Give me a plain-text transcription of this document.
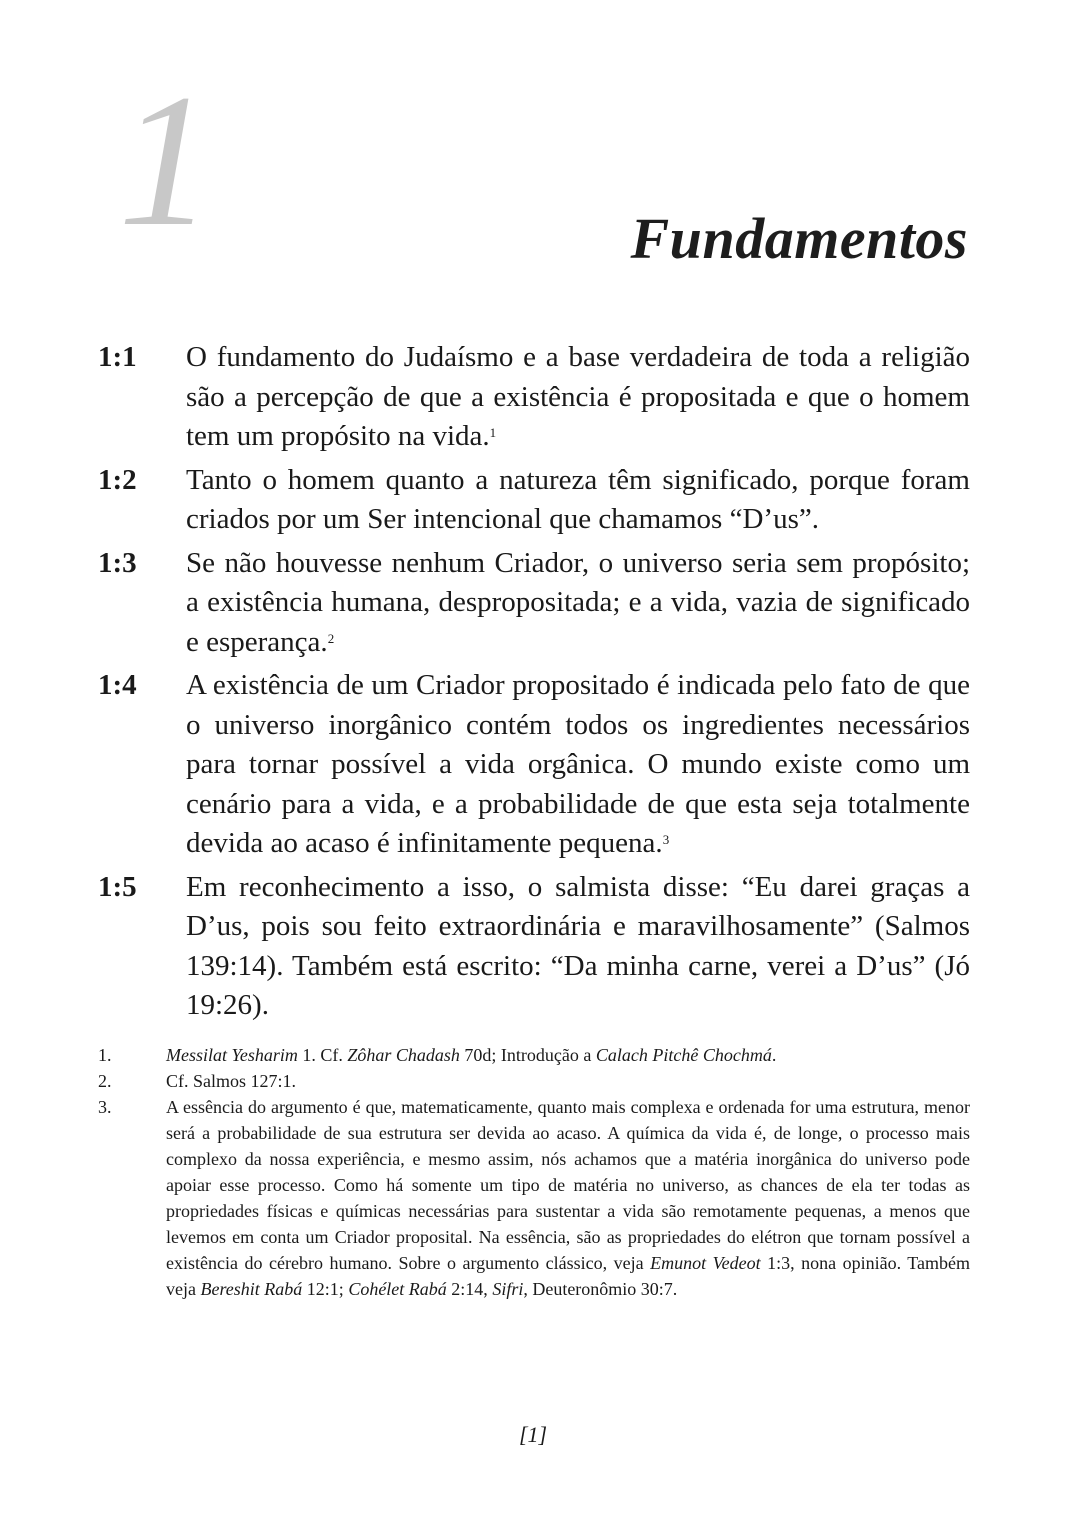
1	Fundamentos
1:1	O fundamento do Judaísmo e a base verdadeira de toda a religião são a percepção de que a existência é propositada e que o homem tem um propósito na vida.$^1$
1:2	Tanto o homem quanto a natureza têm significado, porque foram criados por um Ser intencional que chamamos “D’us”.
1:3	Se não houvesse nenhum Criador, o universo seria sem propósito; a existência humana, despropositada; e a vida, vazia de significado e esperança.$^2$
1:4	A existência de um Criador propositado é indicada pelo fato de que o universo inorgânico contém todos os ingredientes necessários para tornar possível a vida orgânica. O mundo existe como um cenário para a vida, e a probabilidade de que esta seja totalmente devida ao acaso é infinitamente pequena.$^3$
1:5	Em reconhecimento a isso, o salmista disse: “Eu darei graças a D’us, pois sou feito extraordinária e maravilhosamente” (Salmos 139:14). Também está escrito: “Da minha carne, verei a D’us” (Jó 19:26).
1.	Messilat Yesharim 1. Cf. Zôhar Chadash 70d; Introdução a Calach Pitchê Chochmá.
2.	Cf. Salmos 127:1.
3.	A essência do argumento é que, matematicamente, quanto mais complexa e ordenada for uma estrutura, menor será a probabilidade de sua estrutura ser devida ao acaso. A química da vida é, de longe, o processo mais complexo da nossa experiência, e mesmo assim, nós achamos que a matéria inorgânica do universo pode apoiar esse processo. Como há somente um tipo de matéria no universo, as chances de ela ter todas as propriedades físicas e químicas necessárias para sustentar a vida são remotamente pequenas, a menos que levemos em conta um Criador proposital. Na essência, são as propriedades do elétron que tornam possível a existência do cérebro humano. Sobre o argumento clássico, veja Emunot Vedeot 1:3, nona opinião. Também veja Bereshit Rabá 12:1; Cohélet Rabá 2:14, Sifri, Deuteronômio 30:7.
[1]
